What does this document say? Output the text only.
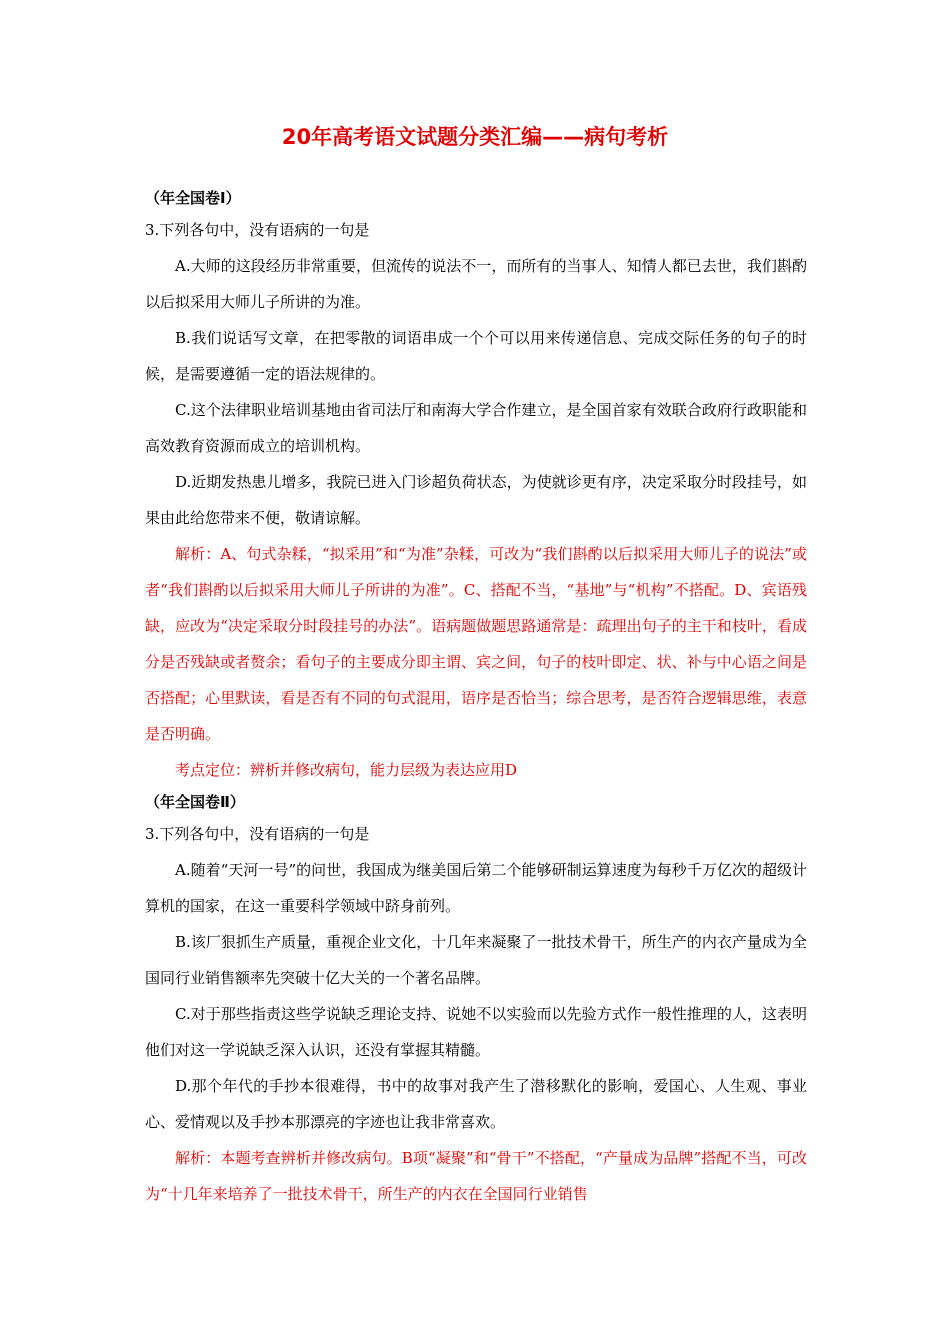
20年高考语文试题分类汇编——病句考析

（年全国卷Ⅰ）

3.下列各句中，没有语病的一句是

A.大师的这段经历非常重要，但流传的说法不一，而所有的当事人、知情人都已去世，我们斟酌以后拟采用大师儿子所讲的为准。

B.我们说话写文章，在把零散的词语串成一个个可以用来传递信息、完成交际任务的句子的时候，是需要遵循一定的语法规律的。

C.这个法律职业培训基地由省司法厅和南海大学合作建立，是全国首家有效联合政府行政职能和高效教育资源而成立的培训机构。

D.近期发热患儿增多，我院已进入门诊超负荷状态，为使就诊更有序，决定采取分时段挂号，如果由此给您带来不便，敬请谅解。

解析：A、句式杂糅，“拟采用”和“为准”杂糅，可改为“我们斟酌以后拟采用大师儿子的说法”或者“我们斟酌以后拟采用大师儿子所讲的为准”。C、搭配不当，“基地”与“机构”不搭配。D、宾语残缺，应改为“决定采取分时段挂号的办法”。语病题做题思路通常是：疏理出句子的主干和枝叶，看成分是否残缺或者赘余；看句子的主要成分即主谓、宾之间，句子的枝叶即定、状、补与中心语之间是否搭配；心里默读，看是否有不同的句式混用，语序是否恰当；综合思考，是否符合逻辑思维，表意是否明确。

考点定位：辨析并修改病句，能力层级为表达应用D

（年全国卷Ⅱ）

3.下列各句中，没有语病的一句是

A.随着“天河一号”的问世，我国成为继美国后第二个能够研制运算速度为每秒千万亿次的超级计算机的国家，在这一重要科学领域中跻身前列。

B.该厂狠抓生产质量，重视企业文化，十几年来凝聚了一批技术骨干，所生产的内衣产量成为全国同行业销售额率先突破十亿大关的一个著名品牌。

C.对于那些指责这些学说缺乏理论支持、说她不以实验而以先验方式作一般性推理的人，这表明他们对这一学说缺乏深入认识，还没有掌握其精髓。

D.那个年代的手抄本很难得，书中的故事对我产生了潜移默化的影响，爱国心、人生观、事业心、爱情观以及手抄本那漂亮的字迹也让我非常喜欢。

解析：本题考查辨析并修改病句。B项“凝聚”和“骨干”不搭配，“产量成为品牌”搭配不当，可改为“十几年来培养了一批技术骨干，所生产的内衣在全国同行业销售
